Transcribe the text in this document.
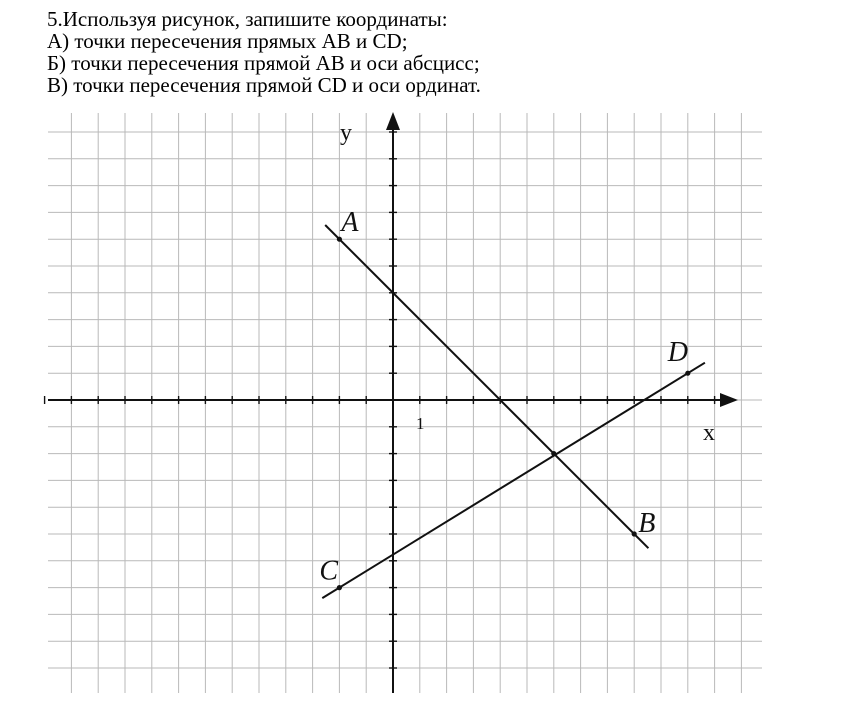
5.Используя рисунок, запишите координаты:
А) точки пересечения прямых АВ и CD;
Б) точки пересечения прямой АВ и оси абсцисс;
В) точки пересечения прямой CD и оси ординат.
x
y
1
A
B
C
D
